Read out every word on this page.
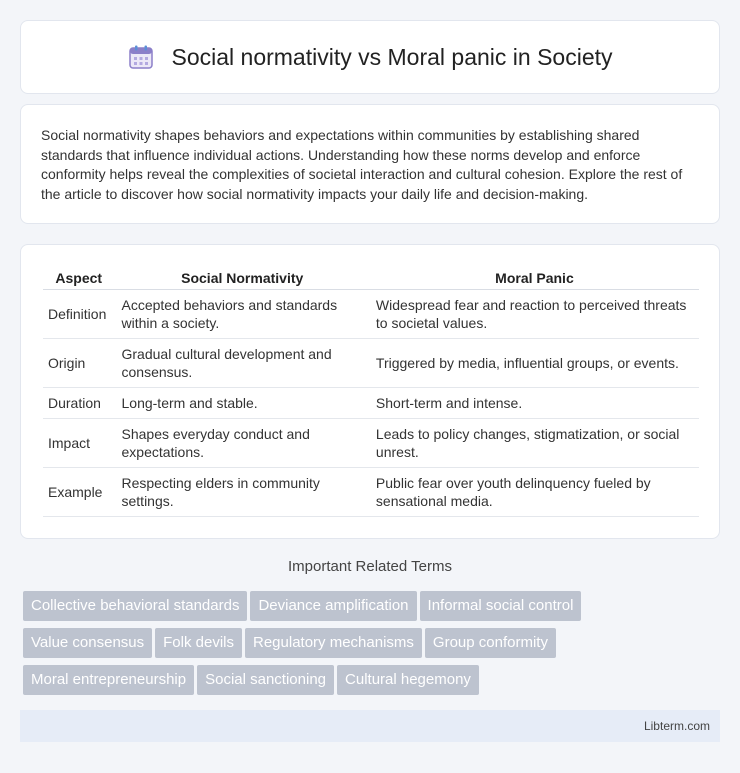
Social normativity vs Moral panic in Society

Social normativity shapes behaviors and expectations within communities by establishing shared standards that influence individual actions. Understanding how these norms develop and enforce conformity helps reveal the complexities of societal interaction and cultural cohesion. Explore the rest of the article to discover how social normativity impacts your daily life and decision-making.

Aspect	Social Normativity	Moral Panic
Definition	Accepted behaviors and standards within a society.	Widespread fear and reaction to perceived threats to societal values.
Origin	Gradual cultural development and consensus.	Triggered by media, influential groups, or events.
Duration	Long-term and stable.	Short-term and intense.
Impact	Shapes everyday conduct and expectations.	Leads to policy changes, stigmatization, or social unrest.
Example	Respecting elders in community settings.	Public fear over youth delinquency fueled by sensational media.
Important Related Terms
Collective behavioral standards	Deviance amplification	Informal social control
Value consensus	Folk devils	Regulatory mechanisms	Group conformity
Moral entrepreneurship	Social sanctioning	Cultural hegemony
Libterm.com
